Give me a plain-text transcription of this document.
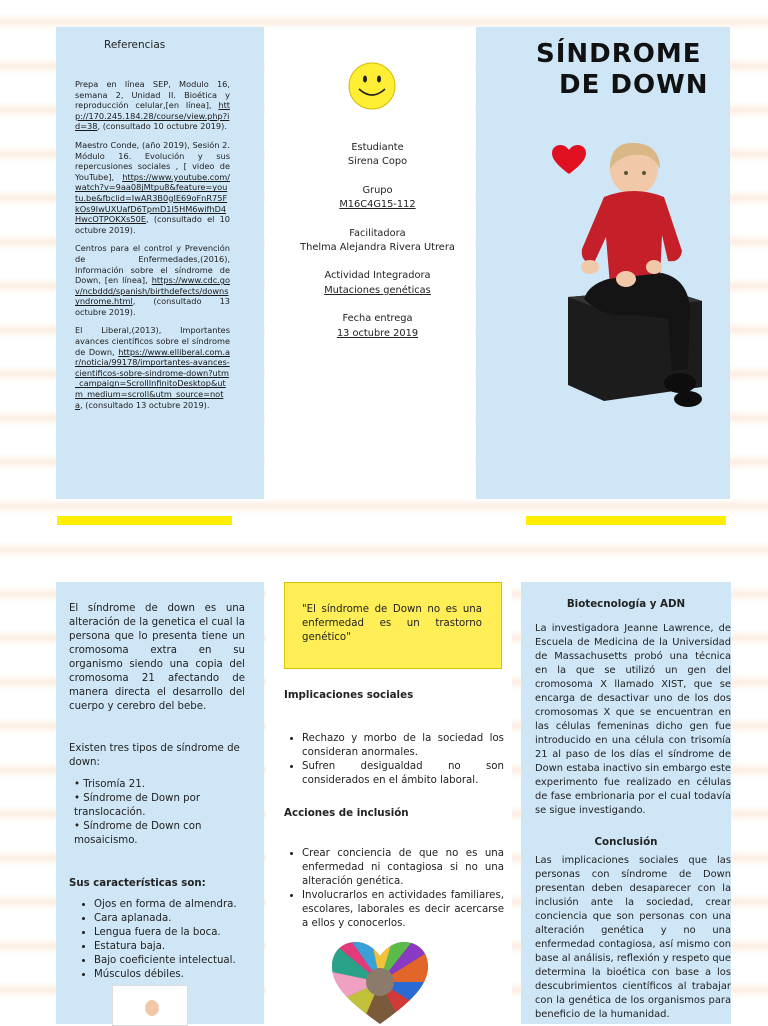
Referencias

Prepa en línea SEP, Modulo 16, semana 2, Unidad II. Bioética y reproducción celular,[en línea], http://170.245.184.28/course/view.php?id=38, (consultado 10 octubre 2019).

Maestro Conde, (año 2019), Sesión 2. Módulo 16. Evolución y sus repercusiones sociales , [ video de YouTube], https://www.youtube.com/watch?v=9aa08jMtpu8&feature=youtu.be&fbclid=IwAR3B0gIE69oFnR75FkOs9IwUXUafD6TpmD1I5HM6wifhD4HwcOTPOKXs50E, (consultado el 10 octubre 2019).

Centros para el control y Prevención de Enfermedades,(2016), Información sobre el síndrome de Down, [en línea], https://www.cdc.gov/ncbddd/spanish/birthdefects/downsyndrome.html, (consultado 13 octubre 2019).

El Liberal,(2013), Importantes avances científicos sobre el síndrome de Down, https://www.elliberal.com.ar/noticia/99178/importantes-avances-cientificos-sobre-sindrome-down?utm_campaign=ScrollInfinitoDesktop&utm_medium=scroll&utm_source=nota, (consultado 13 octubre 2019).

Estudiante
Sirena Copo
Grupo
M16C4G15-112
Facilitadora
Thelma Alejandra Rivera Utrera
Actividad Integradora
Mutaciones genéticas
Fecha entrega
13 octubre 2019
SÍNDROME
DE DOWN
El síndrome de down es una alteración de la genetica el cual la persona que lo presenta tiene un cromosoma extra en su organismo siendo una copia del cromosoma 21 afectando de manera directa el desarrollo del cuerpo y cerebro del bebe.
Existen tres tipos de síndrome de down:
• Trisomía 21.
• Síndrome de Down por translocación.
• Síndrome de Down con mosaicismo.
Sus características son:
• Ojos en forma de almendra.
• Cara aplanada.
• Lengua fuera de la boca.
• Estatura baja.
• Bajo coeficiente intelectual.
• Músculos débiles.
"El síndrome de Down no es una enfermedad es un trastorno genético"
Implicaciones sociales
• Rechazo y morbo de la sociedad los consideran anormales.
• Sufren desigualdad no son considerados en el ámbito laboral.
Acciones de inclusión
• Crear conciencia de que no es una enfermedad ni contagiosa si no una alteración genética.
• Involucrarlos en actividades familiares, escolares, laborales es decir acercarse a ellos y conocerlos.
Biotecnología y ADN
La investigadora Jeanne Lawrence, de Escuela de Medicina de la Universidad de Massachusetts probó una técnica en la que se utilizó un gen del cromosoma X llamado XIST, que se encarga de desactivar uno de los dos cromosomas X que se encuentran en las células femeninas dicho gen fue introducido en una célula con trisomía 21 al paso de los días el síndrome de Down estaba inactivo sin embargo este experimento fue realizado en células de fase embrionaria por el cual todavía se sigue investigando.
Conclusión
Las implicaciones sociales que las personas con síndrome de Down presentan deben desaparecer con la inclusión ante la sociedad, crear conciencia que son personas con una alteración genética y no una enfermedad contagiosa, así mismo con base al análisis, reflexión y respeto que determina la bioética con base a los descubrimientos científicos al trabajar con la genética de los organismos para beneficio de la humanidad.
